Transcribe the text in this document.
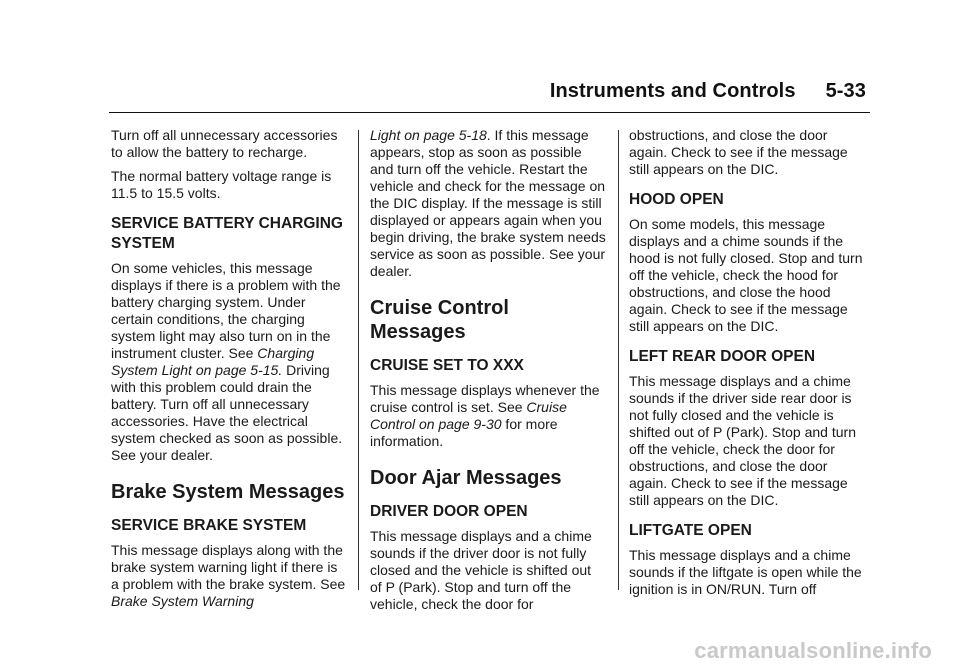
Instruments and Controls 5-33

Turn off all unnecessary accessories to allow the battery to recharge.

The normal battery voltage range is 11.5 to 15.5 volts.

SERVICE BATTERY CHARGING SYSTEM

On some vehicles, this message displays if there is a problem with the battery charging system. Under certain conditions, the charging system light may also turn on in the instrument cluster. See Charging System Light on page 5-15. Driving with this problem could drain the battery. Turn off all unnecessary accessories. Have the electrical system checked as soon as possible. See your dealer.

Brake System Messages
SERVICE BRAKE SYSTEM

This message displays along with the brake system warning light if there is a problem with the brake system. See Brake System Warning

Light on page 5-18. If this message appears, stop as soon as possible and turn off the vehicle. Restart the vehicle and check for the message on the DIC display. If the message is still displayed or appears again when you begin driving, the brake system needs service as soon as possible. See your dealer.

Cruise Control Messages
CRUISE SET TO XXX

This message displays whenever the cruise control is set. See Cruise Control on page 9-30 for more information.

Door Ajar Messages
DRIVER DOOR OPEN

This message displays and a chime sounds if the driver door is not fully closed and the vehicle is shifted out of P (Park). Stop and turn off the vehicle, check the door for

obstructions, and close the door again. Check to see if the message still appears on the DIC.

HOOD OPEN

On some models, this message displays and a chime sounds if the hood is not fully closed. Stop and turn off the vehicle, check the hood for obstructions, and close the hood again. Check to see if the message still appears on the DIC.

LEFT REAR DOOR OPEN

This message displays and a chime sounds if the driver side rear door is not fully closed and the vehicle is shifted out of P (Park). Stop and turn off the vehicle, check the door for obstructions, and close the door again. Check to see if the message still appears on the DIC.

LIFTGATE OPEN

This message displays and a chime sounds if the liftgate is open while the ignition is in ON/RUN. Turn off

carmanualsonline.info
